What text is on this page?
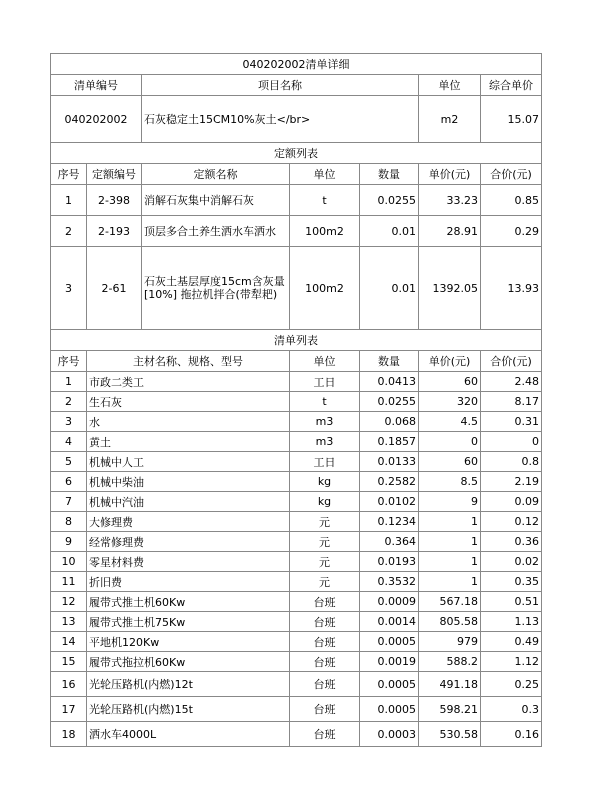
040202002清单详细						
清单编号		项目名称			单位	综合单价
040202002		石灰稳定土15CM10%灰土</br>			m2	15.07
定额列表						
序号	定额编号	定额名称	单位	数量	单价(元)	合价(元)
1	2-398	消解石灰集中消解石灰	t	0.0255	33.23	0.85
2	2-193	顶层多合土养生洒水车洒水	100m2	0.01	28.91	0.29
3	2-61	石灰土基层厚度15cm含灰量[10%] 拖拉机拌合(带犁耙)	100m2	0.01	1392.05	13.93
清单列表						
序号	主材名称、规格、型号		单位	数量	单价(元)	合价(元)
1	市政二类工		工日	0.0413	60	2.48
2	生石灰		t	0.0255	320	8.17
3	水		m3	0.068	4.5	0.31
4	黄土		m3	0.1857	0	0
5	机械中人工		工日	0.0133	60	0.8
6	机械中柴油		kg	0.2582	8.5	2.19
7	机械中汽油		kg	0.0102	9	0.09
8	大修理费		元	0.1234	1	0.12
9	经常修理费		元	0.364	1	0.36
10	零星材料费		元	0.0193	1	0.02
11	折旧费		元	0.3532	1	0.35
12	履带式推土机60Kw		台班	0.0009	567.18	0.51
13	履带式推土机75Kw		台班	0.0014	805.58	1.13
14	平地机120Kw		台班	0.0005	979	0.49
15	履带式拖拉机60Kw		台班	0.0019	588.2	1.12
16	光轮压路机(内燃)12t		台班	0.0005	491.18	0.25
17	光轮压路机(内燃)15t		台班	0.0005	598.21	0.3
18	洒水车4000L		台班	0.0003	530.58	0.16
